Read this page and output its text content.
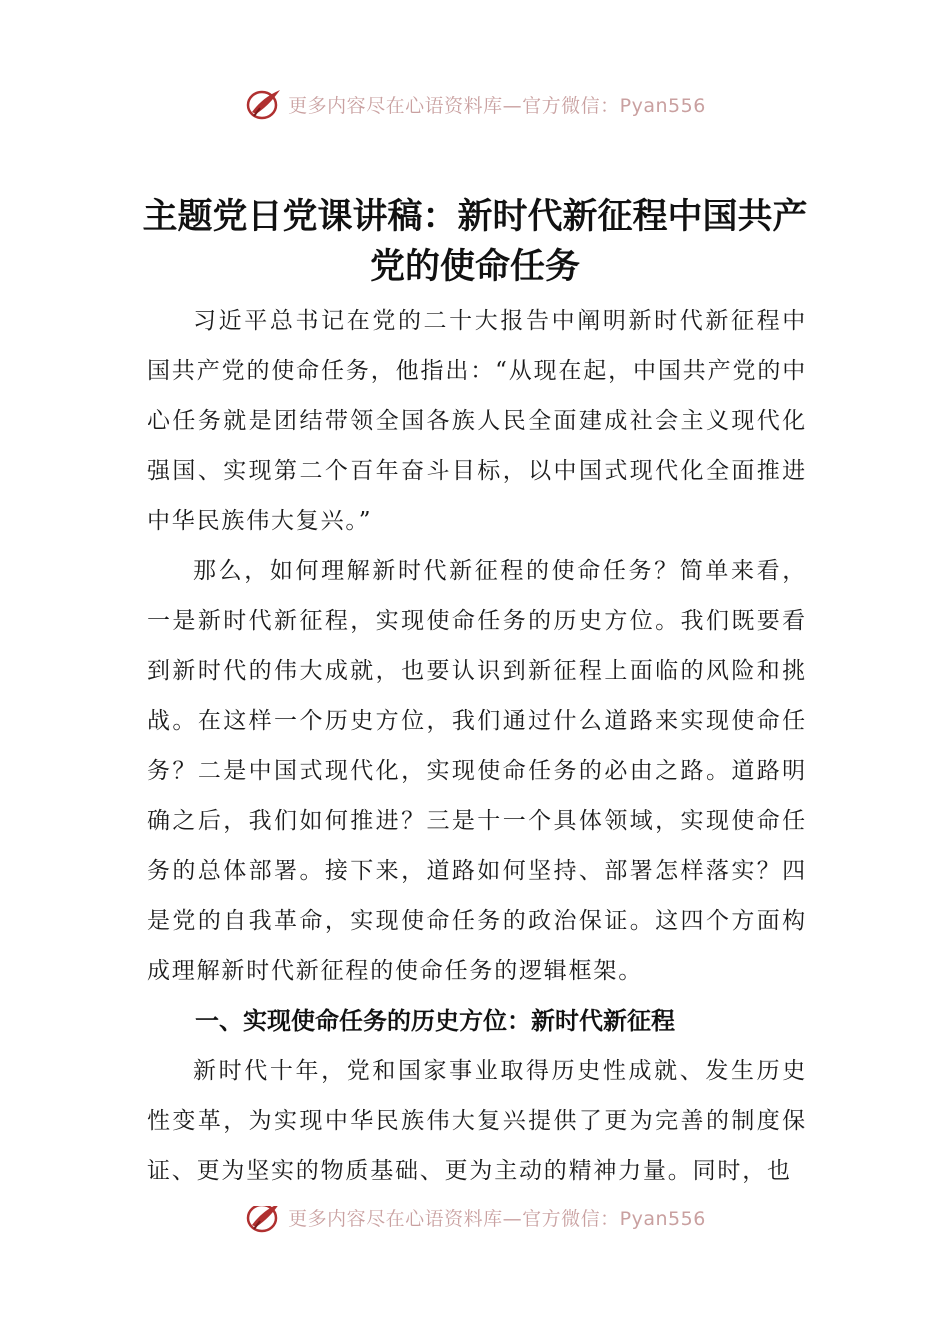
更多内容尽在心语资料库—官方微信：Pyan556
主题党日党课讲稿：新时代新征程中国共产党的使命任务

习近平总书记在党的二十大报告中阐明新时代新征程中国共产党的使命任务，他指出：“从现在起，中国共产党的中心任务就是团结带领全国各族人民全面建成社会主义现代化强国、实现第二个百年奋斗目标，以中国式现代化全面推进中华民族伟大复兴。”

那么，如何理解新时代新征程的使命任务？简单来看，一是新时代新征程，实现使命任务的历史方位。我们既要看到新时代的伟大成就，也要认识到新征程上面临的风险和挑战。在这样一个历史方位，我们通过什么道路来实现使命任务？二是中国式现代化，实现使命任务的必由之路。道路明确之后，我们如何推进？三是十一个具体领域，实现使命任务的总体部署。接下来，道路如何坚持、部署怎样落实？四是党的自我革命，实现使命任务的政治保证。这四个方面构成理解新时代新征程的使命任务的逻辑框架。

一、实现使命任务的历史方位：新时代新征程

新时代十年，党和国家事业取得历史性成就、发生历史性变革，为实现中华民族伟大复兴提供了更为完善的制度保证、更为坚实的物质基础、更为主动的精神力量。同时，也

更多内容尽在心语资料库—官方微信：Pyan556
